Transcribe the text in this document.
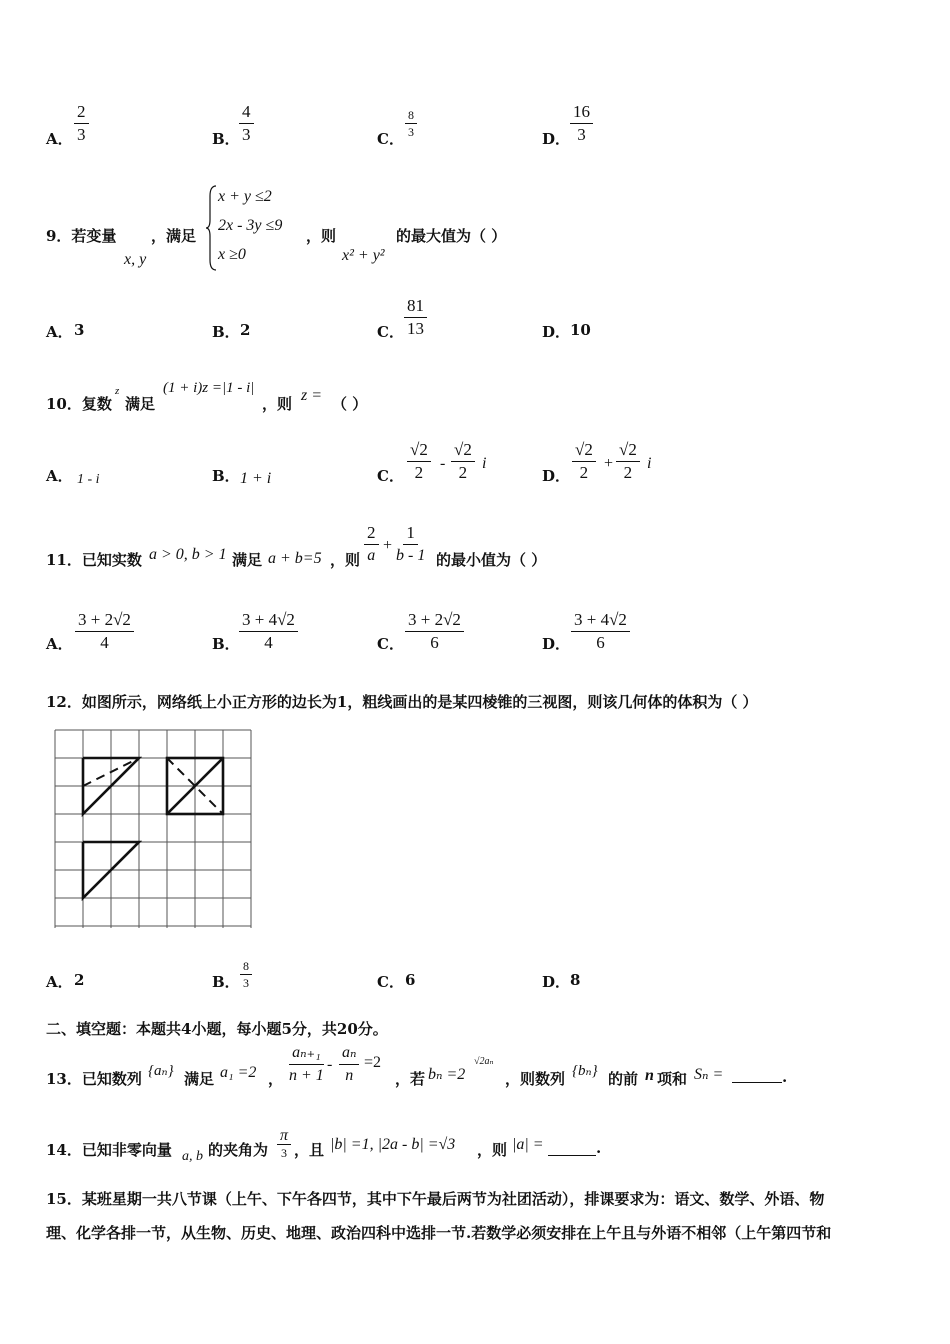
A． $\frac{2}{3}$	B． $\frac{4}{3}$	C． $\frac{8}{3}$	D． $\frac{16}{3}$
9．若变量
x, y
，满足
x + y ≤2
2x - 3y ≤9
x ≥0
，则
x² + y²
的最大值为（ ）
A． 3	B． 2	C． $\frac{81}{13}$	D． 10
10．复数
z
满足
(1 + i)z =|1 - i|
，则 z = （ ）
A． 1 - i	B． 1 + i	C． $\frac{√2}{2} - \frac{√2}{2}$ i
D． $\frac{√2}{2} + \frac{√2}{2}$ i
11．已知实数 a > 0, b > 1 满足 a + b=5 ，则 $\frac{2}{a} + \frac{1}{b - 1}$ 的最小值为（ ）
A． $\frac{3 + 2√2}{4}$	B． $\frac{3 + 4√2}{4}$	C． $\frac{3 + 2√2}{6}$	D． $\frac{3 + 4√2}{6}$
12．如图所示，网络纸上小正方形的边长为1，粗线画出的是某四棱锥的三视图，则该几何体的体积为（ ）
A． 2	B． $\frac{8}{3}$	C． 6	D． 8
二、填空题：本题共4小题，每小题5分，共20分。
13．已知数列 {aₙ} 满足 a₁ =2 ， $\frac{\text{aₙ₊₁}}{n + 1} - \frac{\text{aₙ}}{n} =2$
，若 bₙ =2
√2aₙ
，则数列 {bₙ} 的前 n 项和 Sₙ =	.
14．已知非零向量 a, b 的夹角为
π
3 ，且 |b| =1, |2a - b| =√3 ，则 |a| =	.
15．某班星期一共八节课（上午、下午各四节，其中下午最后两节为社团活动），排课要求为：语文、数学、外语、物
理、化学各排一节，从生物、历史、地理、政治四科中选排一节.若数学必须安排在上午且与外语不相邻（上午第四节和
